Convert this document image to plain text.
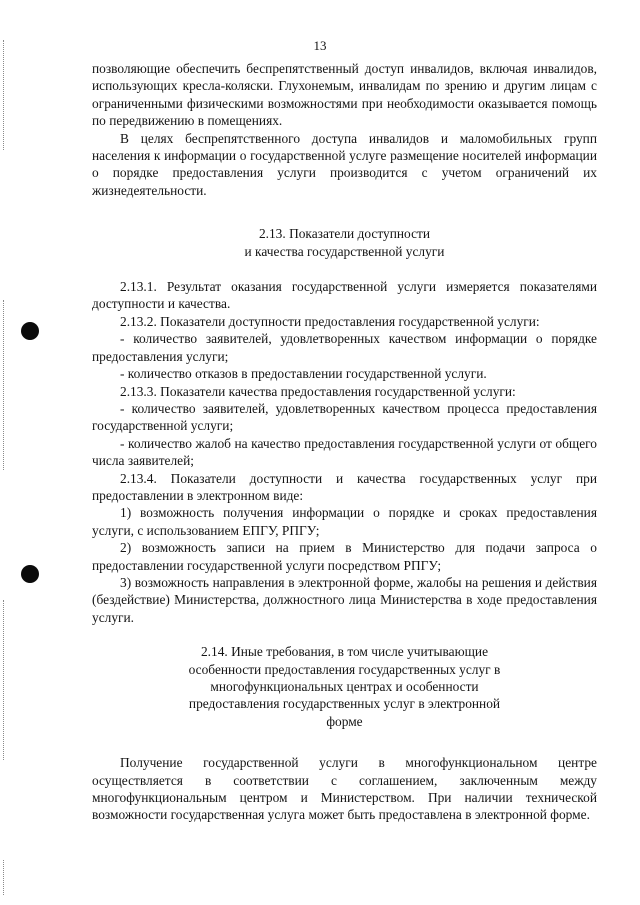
13

позволяющие обеспечить беспрепятственный доступ инвалидов, включая инвалидов, использующих кресла-коляски. Глухонемым, инвалидам по зрению и другим лицам с ограниченными физическими возможностями при необходимости оказывается помощь по передвижению в помещениях.

В целях беспрепятственного доступа инвалидов и маломобильных групп населения к информации о государственной услуге размещение носителей информации о порядке предоставления услуги производится с учетом ограничений их жизнедеятельности.

2.13. Показатели доступности

и качества государственной услуги

2.13.1. Результат оказания государственной услуги измеряется показателями доступности и качества.

2.13.2. Показатели доступности предоставления государственной услуги:

- количество заявителей, удовлетворенных качеством информации о порядке предоставления услуги;

- количество отказов в предоставлении государственной услуги.

2.13.3. Показатели качества предоставления государственной услуги:

- количество заявителей, удовлетворенных качеством процесса предоставления государственной услуги;

- количество жалоб на качество предоставления государственной услуги от общего числа заявителей;

2.13.4. Показатели доступности и качества государственных услуг при предоставлении в электронном виде:

1) возможность получения информации о порядке и сроках предоставления услуги, с использованием ЕПГУ, РПГУ;

2) возможность записи на прием в Министерство для подачи запроса о предоставлении государственной услуги посредством РПГУ;

3) возможность направления в электронной форме, жалобы на решения и действия (бездействие) Министерства, должностного лица Министерства в ходе предоставления услуги.

2.14. Иные требования, в том числе учитывающие

особенности предоставления государственных услуг в

многофункциональных центрах и особенности

предоставления государственных услуг в электронной

форме

Получение государственной услуги в многофункциональном центре осуществляется в соответствии с соглашением, заключенным между многофункциональным центром и Министерством. При наличии технической возможности государственная услуга может быть предоставлена в электронной форме.
